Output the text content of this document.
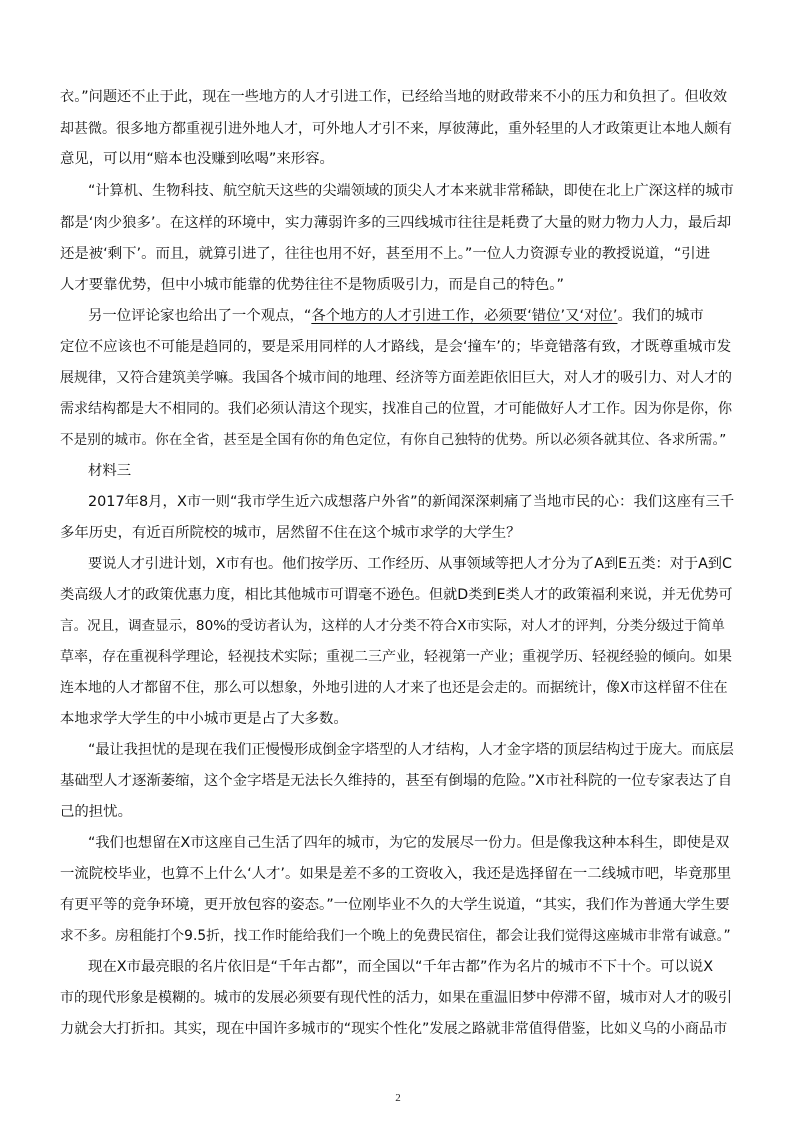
衣。”问题还不止于此，现在一些地方的人才引进工作，已经给当地的财政带来不小的压力和负担了。但收效
却甚微。很多地方都重视引进外地人才，可外地人才引不来，厚彼薄此，重外轻里的人才政策更让本地人颇有
意见，可以用“赔本也没赚到吆喝”来形容。
“计算机、生物科技、航空航天这些的尖端领域的顶尖人才本来就非常稀缺，即使在北上广深这样的城市
都是‘肉少狼多’。在这样的环境中，实力薄弱许多的三四线城市往往是耗费了大量的财力物力人力，最后却
还是被‘剩下’。而且，就算引进了，往往也用不好，甚至用不上。”一位人力资源专业的教授说道，“引进
人才要靠优势，但中小城市能靠的优势往往不是物质吸引力，而是自己的特色。”
另一位评论家也给出了一个观点，“各个地方的人才引进工作，必须要‘错位’又‘对位’。我们的城市
定位不应该也不可能是趋同的，要是采用同样的人才路线，是会‘撞车’的；毕竟错落有致，才既尊重城市发
展规律，又符合建筑美学嘛。我国各个城市间的地理、经济等方面差距依旧巨大，对人才的吸引力、对人才的
需求结构都是大不相同的。我们必须认清这个现实，找准自己的位置，才可能做好人才工作。因为你是你，你
不是别的城市。你在全省，甚至是全国有你的角色定位，有你自己独特的优势。所以必须各就其位、各求所需。”
材料三
2017年8月，X市一则“我市学生近六成想落户外省”的新闻深深刺痛了当地市民的心：我们这座有三千
多年历史，有近百所院校的城市，居然留不住在这个城市求学的大学生？
要说人才引进计划，X市有也。他们按学历、工作经历、从事领域等把人才分为了A到E五类：对于A到C
类高级人才的政策优惠力度，相比其他城市可谓毫不逊色。但就D类到E类人才的政策福利来说，并无优势可
言。况且，调查显示，80%的受访者认为，这样的人才分类不符合X市实际，对人才的评判，分类分级过于简单
草率，存在重视科学理论，轻视技术实际；重视二三产业，轻视第一产业；重视学历、轻视经验的倾向。如果
连本地的人才都留不住，那么可以想象，外地引进的人才来了也还是会走的。而据统计，像X市这样留不住在
本地求学大学生的中小城市更是占了大多数。
“最让我担忧的是现在我们正慢慢形成倒金字塔型的人才结构，人才金字塔的顶层结构过于庞大。而底层
基础型人才逐渐萎缩，这个金字塔是无法长久维持的，甚至有倒塌的危险。”X市社科院的一位专家表达了自
己的担忧。
“我们也想留在X市这座自己生活了四年的城市，为它的发展尽一份力。但是像我这种本科生，即使是双
一流院校毕业，也算不上什么‘人才’。如果是差不多的工资收入，我还是选择留在一二线城市吧，毕竟那里
有更平等的竞争环境，更开放包容的姿态。”一位刚毕业不久的大学生说道，“其实，我们作为普通大学生要
求不多。房租能打个9.5折，找工作时能给我们一个晚上的免费民宿住，都会让我们觉得这座城市非常有诚意。”
现在X市最亮眼的名片依旧是“千年古都”，而全国以“千年古都”作为名片的城市不下十个。可以说X
市的现代形象是模糊的。城市的发展必须要有现代性的活力，如果在重温旧梦中停滞不留，城市对人才的吸引
力就会大打折扣。其实，现在中国许多城市的“现实个性化”发展之路就非常值得借鉴，比如义乌的小商品市
2
